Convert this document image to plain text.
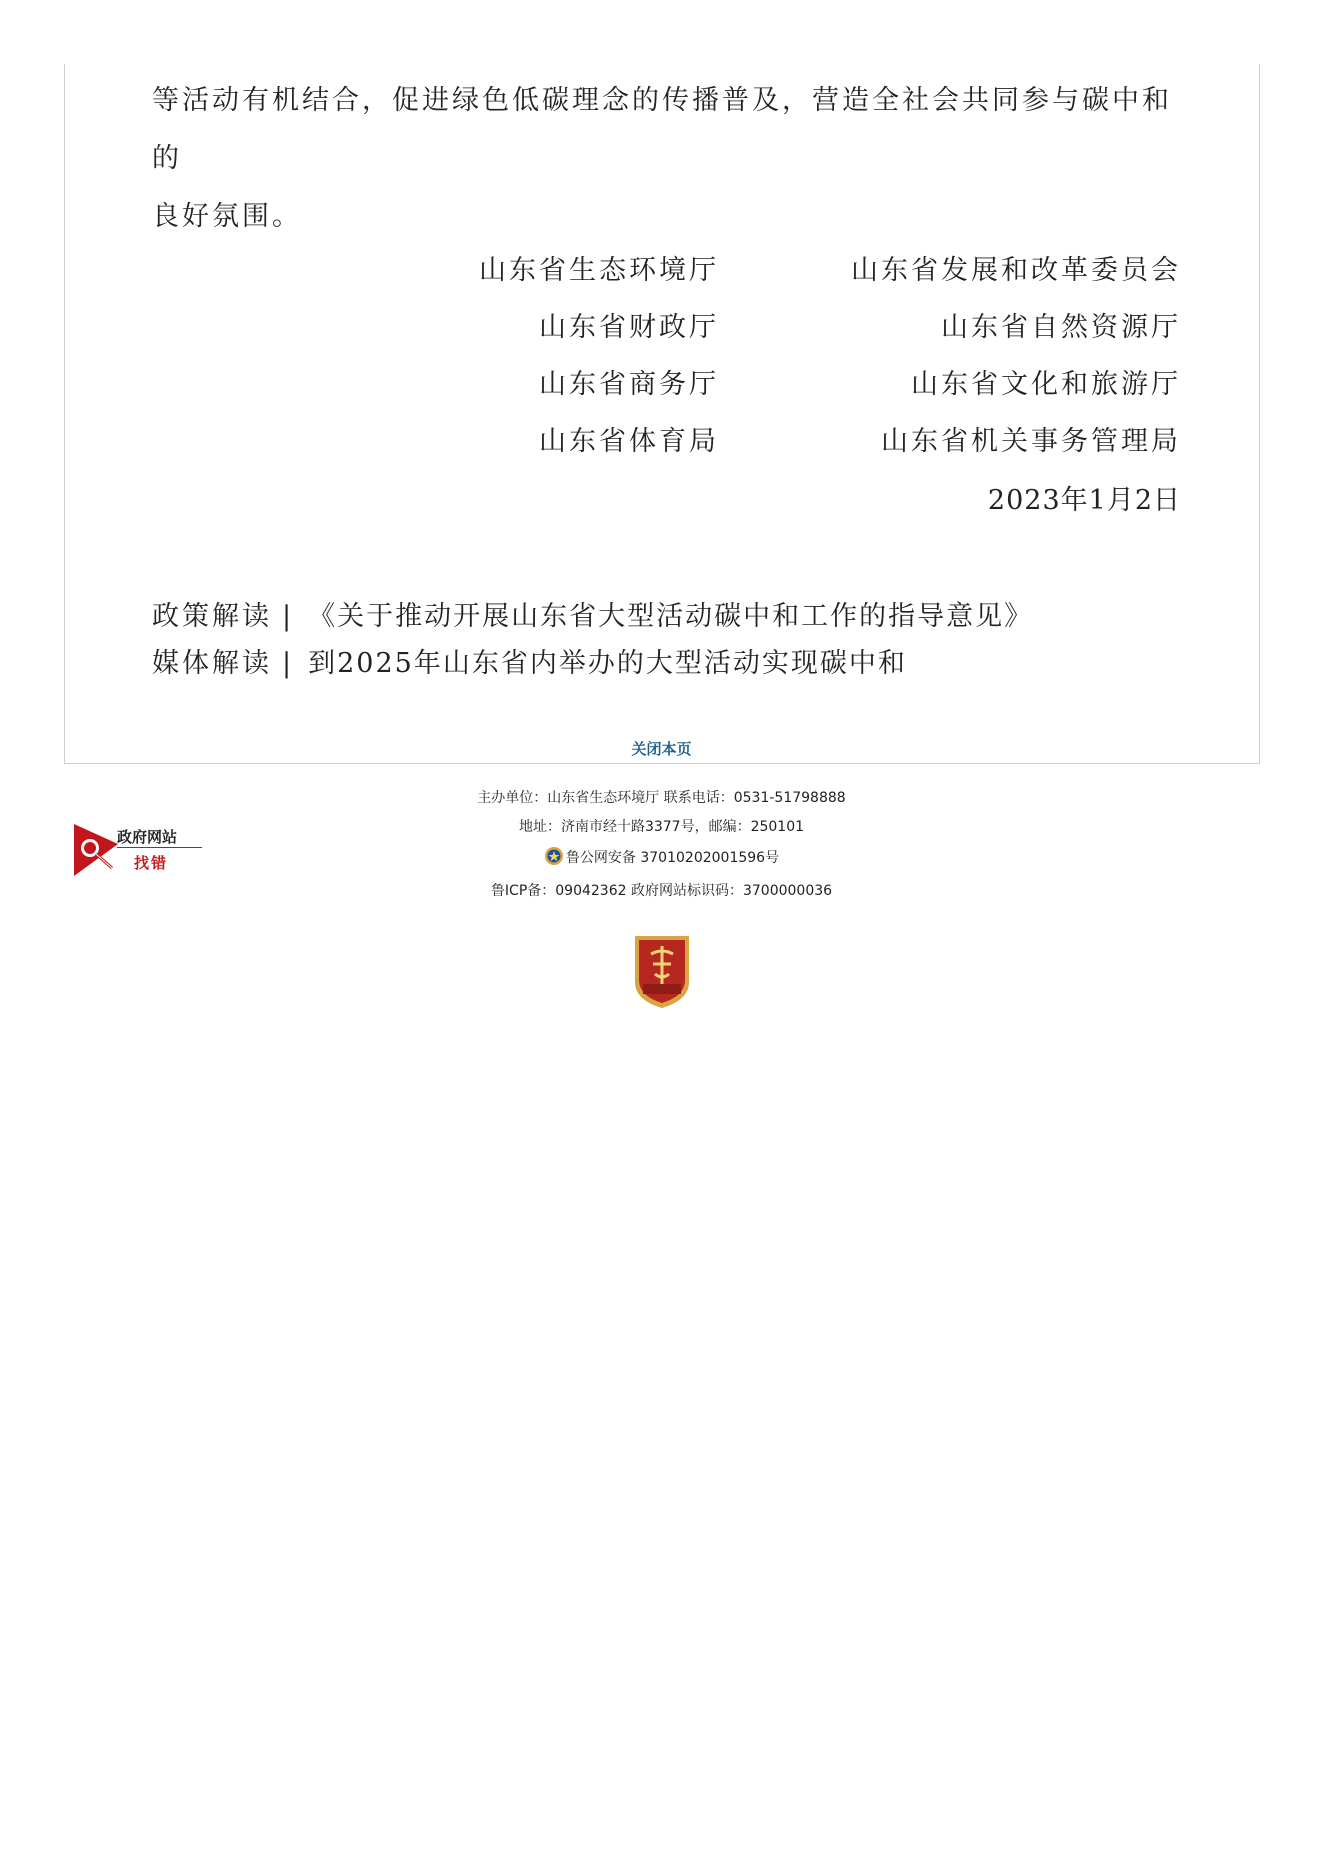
等活动有机结合，促进绿色低碳理念的传播普及，营造全社会共同参与碳中和的
良好氛围。

山东省生态环境厅
山东省财政厅
山东省商务厅
山东省体育局
山东省发展和改革委员会
山东省自然资源厅
山东省文化和旅游厅
山东省机关事务管理局
2023年1月2日
政策解读 | 《关于推动开展山东省大型活动碳中和工作的指导意见》
媒体解读 | 到2025年山东省内举办的大型活动实现碳中和
关闭本页
政府网站
找错
主办单位：山东省生态环境厅 联系电话：0531-51798888
地址：济南市经十路3377号，邮编：250101
鲁公网安备 37010202001596号
鲁ICP备：09042362 政府网站标识码：3700000036
